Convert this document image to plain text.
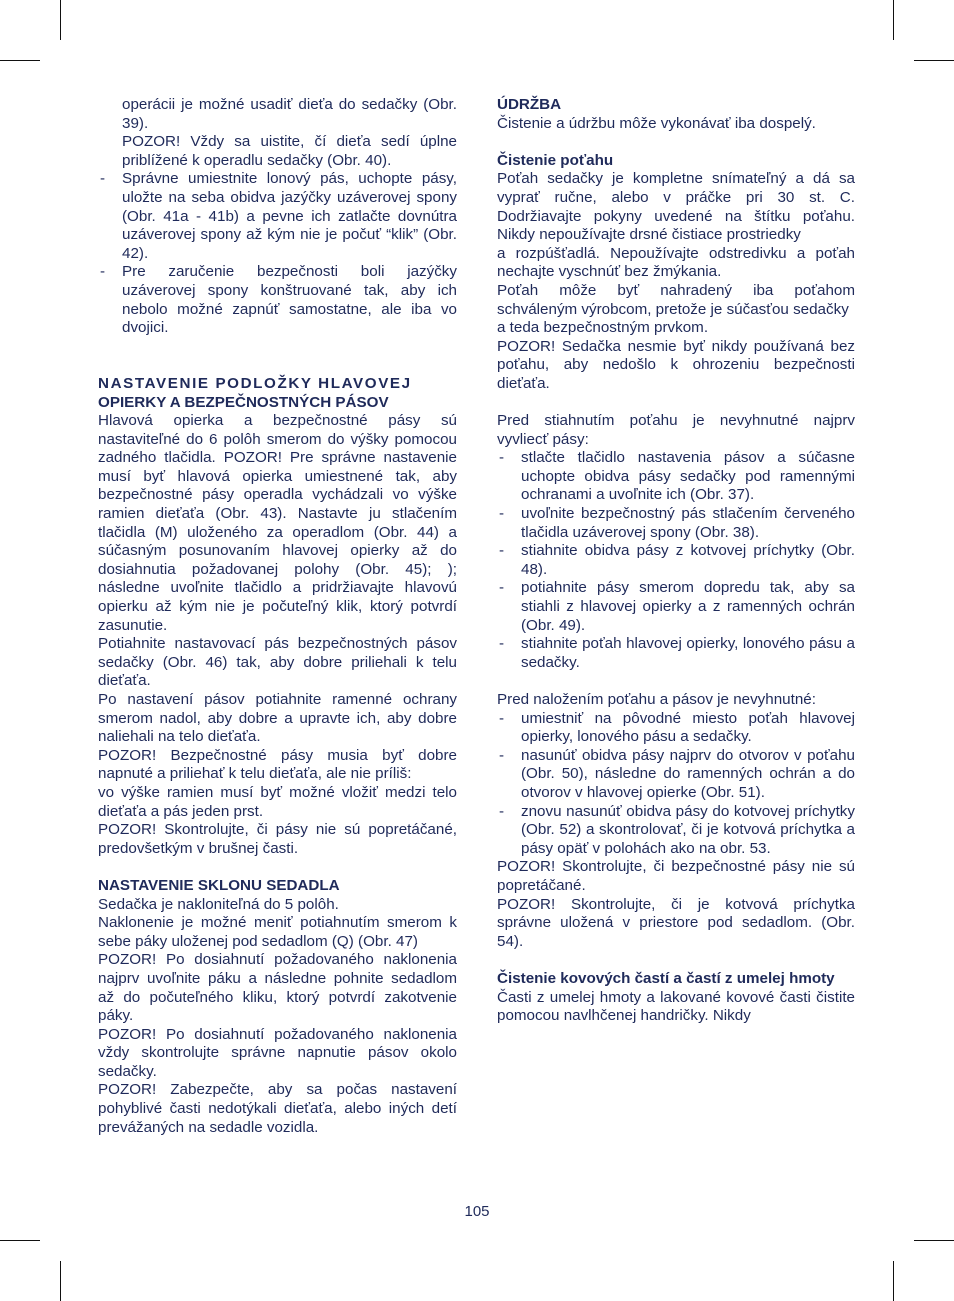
operácii je možné usadiť dieťa do sedačky (Obr. 39).

POZOR! Vždy sa uistite, čí dieťa sedí úplne priblížené k operadlu sedačky (Obr. 40).

- Správne umiestnite lonový pás, uchopte pásy, uložte na seba obidva jazýčky uzáverovej spony (Obr. 41a - 41b) a pevne ich zatlačte dovnútra uzáverovej spony až kým nie je počuť “klik” (Obr. 42).
- Pre zaručenie bezpečnosti boli jazýčky uzáverovej spony konštruované tak, aby ich nebolo možné zapnúť samostatne, ale iba vo dvojici.

NASTAVENIE PODLOŽKY HLAVOVEJ

OPIERKY A BEZPEČNOSTNÝCH PÁSOV

Hlavová opierka a bezpečnostné pásy sú nastaviteľné do 6 polôh smerom do výšky pomocou zadného tlačidla. POZOR! Pre správne nastavenie musí byť hlavová opierka umiestnené tak, aby bezpečnostné pásy operadla vychádzali vo výške ramien dieťaťa (Obr. 43). Nastavte ju stlačením tlačidla (M) uloženého za operadlom (Obr. 44) a súčasným posunovaním hlavovej opierky až do dosiahnutia požadovanej polohy (Obr. 45); ); následne uvoľnite tlačidlo a pridržiavajte hlavovú opierku až kým nie je počuteľný klik, ktorý potvrdí zasunutie.

Potiahnite nastavovací pás bezpečnostných pásov sedačky (Obr. 46) tak, aby dobre priliehali k telu dieťaťa.

Po nastavení pásov potiahnite ramenné ochrany smerom nadol, aby dobre a upravte ich, aby dobre naliehali na telo dieťaťa.

POZOR! Bezpečnostné pásy musia byť dobre napnuté a priliehať k telu dieťaťa, ale nie príliš:

vo výške ramien musí byť možné vložiť medzi telo dieťaťa a pás jeden prst.

POZOR! Skontrolujte, či pásy nie sú popretáčané, predovšetkým v brušnej časti.

NASTAVENIE SKLONU SEDADLA

Sedačka je nakloniteľná do 5 polôh.

Naklonenie je možné meniť potiahnutím smerom k sebe páky uloženej pod sedadlom (Q) (Obr. 47)

POZOR! Po dosiahnutí požadovaného naklonenia najprv uvoľnite páku a následne pohnite sedadlom až do počuteľného kliku, ktorý potvrdí zakotvenie páky.

POZOR! Po dosiahnutí požadovaného naklonenia vždy skontrolujte správne napnutie pásov okolo sedačky.

POZOR! Zabezpečte, aby sa počas nastavení pohyblivé časti nedotýkali dieťaťa, alebo iných detí prevážaných na sedadle vozidla.

ÚDRŽBA

Čistenie a údržbu môže vykonávať iba dospelý.

Čistenie poťahu

Poťah sedačky je kompletne snímateľný a dá sa vyprať ručne, alebo v práčke pri 30 st. C. Dodržiavajte pokyny uvedené na štítku poťahu. Nikdy nepoužívajte drsné čistiace prostriedky

a rozpúšťadlá. Nepoužívajte odstredivku a poťah nechajte vyschnúť bez žmýkania.

Poťah môže byť nahradený iba poťahom schváleným výrobcom, pretože je súčasťou sedačky

a teda bezpečnostným prvkom.

POZOR! Sedačka nesmie byť nikdy používaná bez poťahu, aby nedošlo k ohrozeniu bezpečnosti dieťaťa.

Pred stiahnutím poťahu je nevyhnutné najprv vyvliecť pásy:

- stlačte tlačidlo nastavenia pásov a súčasne uchopte obidva pásy sedačky pod ramennými ochranami a uvoľnite ich (Obr. 37).
- uvoľnite bezpečnostný pás stlačením červeného tlačidla uzáverovej spony (Obr. 38).
- stiahnite obidva pásy z kotvovej príchytky (Obr. 48).
- potiahnite pásy smerom dopredu tak, aby sa stiahli z hlavovej opierky a z ramenných ochrán (Obr. 49).
- stiahnite poťah hlavovej opierky, lonového pásu a sedačky.

Pred naložením poťahu a pásov je nevyhnutné:

- umiestniť na pôvodné miesto poťah hlavovej opierky, lonového pásu a sedačky.
- nasunúť obidva pásy najprv do otvorov v poťahu (Obr. 50), následne do ramenných ochrán a do otvorov v hlavovej opierke (Obr. 51).
- znovu nasunúť obidva pásy do kotvovej príchytky (Obr. 52) a skontrolovať, či je kotvová príchytka a pásy opäť v polohách ako na obr. 53.

POZOR! Skontrolujte, či bezpečnostné pásy nie sú popretáčané.

POZOR! Skontrolujte, či je kotvová príchytka správne uložená v priestore pod sedadlom. (Obr. 54).

Čistenie kovových častí a častí z umelej hmoty

Časti z umelej hmoty a lakované kovové časti čistite pomocou navlhčenej handričky. Nikdy

105
